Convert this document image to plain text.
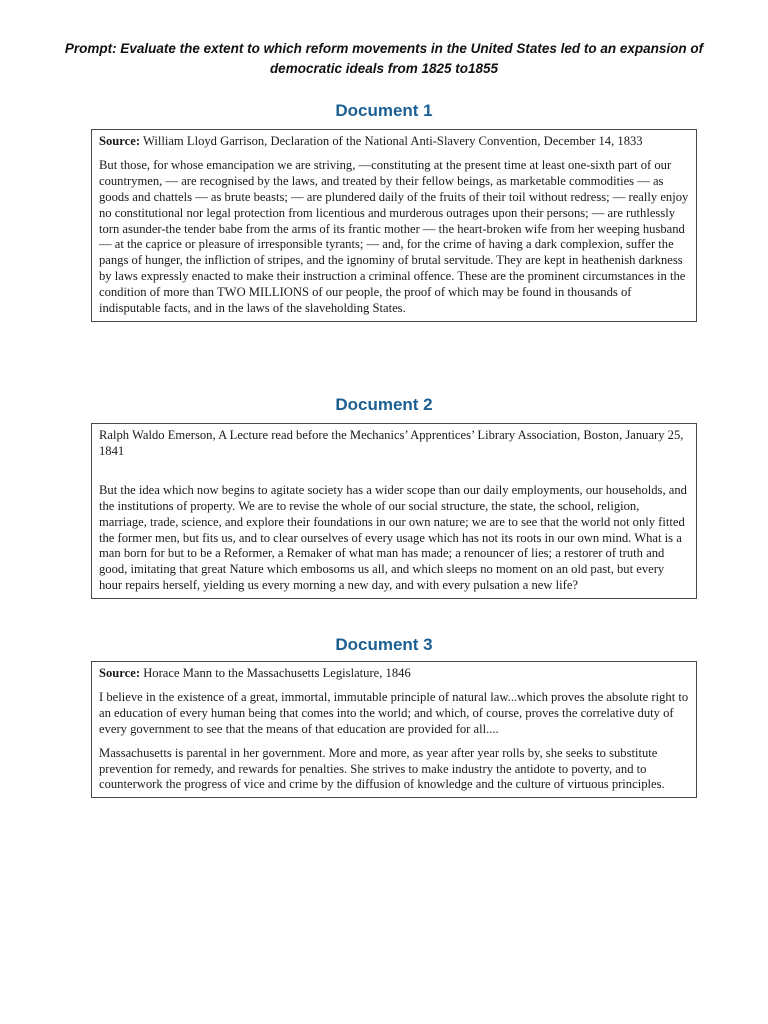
Prompt: Evaluate the extent to which reform movements in the United States led to an expansion of
democratic ideals from 1825 to1855
Document 1

Source: William Lloyd Garrison, Declaration of the National Anti-Slavery Convention, December 14, 1833

But those, for whose emancipation we are striving, —constituting at the present time at least one-sixth part of our countrymen, — are recognised by the laws, and treated by their fellow beings, as marketable commodities — as goods and chattels — as brute beasts; — are plundered daily of the fruits of their toil without redress; — really enjoy no constitutional nor legal protection from licentious and murderous outrages upon their persons; — are ruthlessly torn asunder-the tender babe from the arms of its frantic mother — the heart-broken wife from her weeping husband — at the caprice or pleasure of irresponsible tyrants; — and, for the crime of having a dark complexion, suffer the pangs of hunger, the infliction of stripes, and the ignominy of brutal servitude. They are kept in heathenish darkness by laws expressly enacted to make their instruction a criminal offence. These are the prominent circumstances in the condition of more than TWO MILLIONS of our people, the proof of which may be found in thousands of indisputable facts, and in the laws of the slaveholding States.

Document 2

Ralph Waldo Emerson, A Lecture read before the Mechanics’ Apprentices’ Library Association, Boston, January 25, 1841

But the idea which now begins to agitate society has a wider scope than our daily employments, our households, and the institutions of property. We are to revise the whole of our social structure, the state, the school, religion, marriage, trade, science, and explore their foundations in our own nature; we are to see that the world not only fitted the former men, but fits us, and to clear ourselves of every usage which has not its roots in our own mind. What is a man born for but to be a Reformer, a Remaker of what man has made; a renouncer of lies; a restorer of truth and good, imitating that great Nature which embosoms us all, and which sleeps no moment on an old past, but every hour repairs herself, yielding us every morning a new day, and with every pulsation a new life?

Document 3

Source: Horace Mann to the Massachusetts Legislature, 1846

I believe in the existence of a great, immortal, immutable principle of natural law...which proves the absolute right to an education of every human being that comes into the world; and which, of course, proves the correlative duty of every government to see that the means of that education are provided for all....

Massachusetts is parental in her government. More and more, as year after year rolls by, she seeks to substitute prevention for remedy, and rewards for penalties. She strives to make industry the antidote to poverty, and to counterwork the progress of vice and crime by the diffusion of knowledge and the culture of virtuous principles.
